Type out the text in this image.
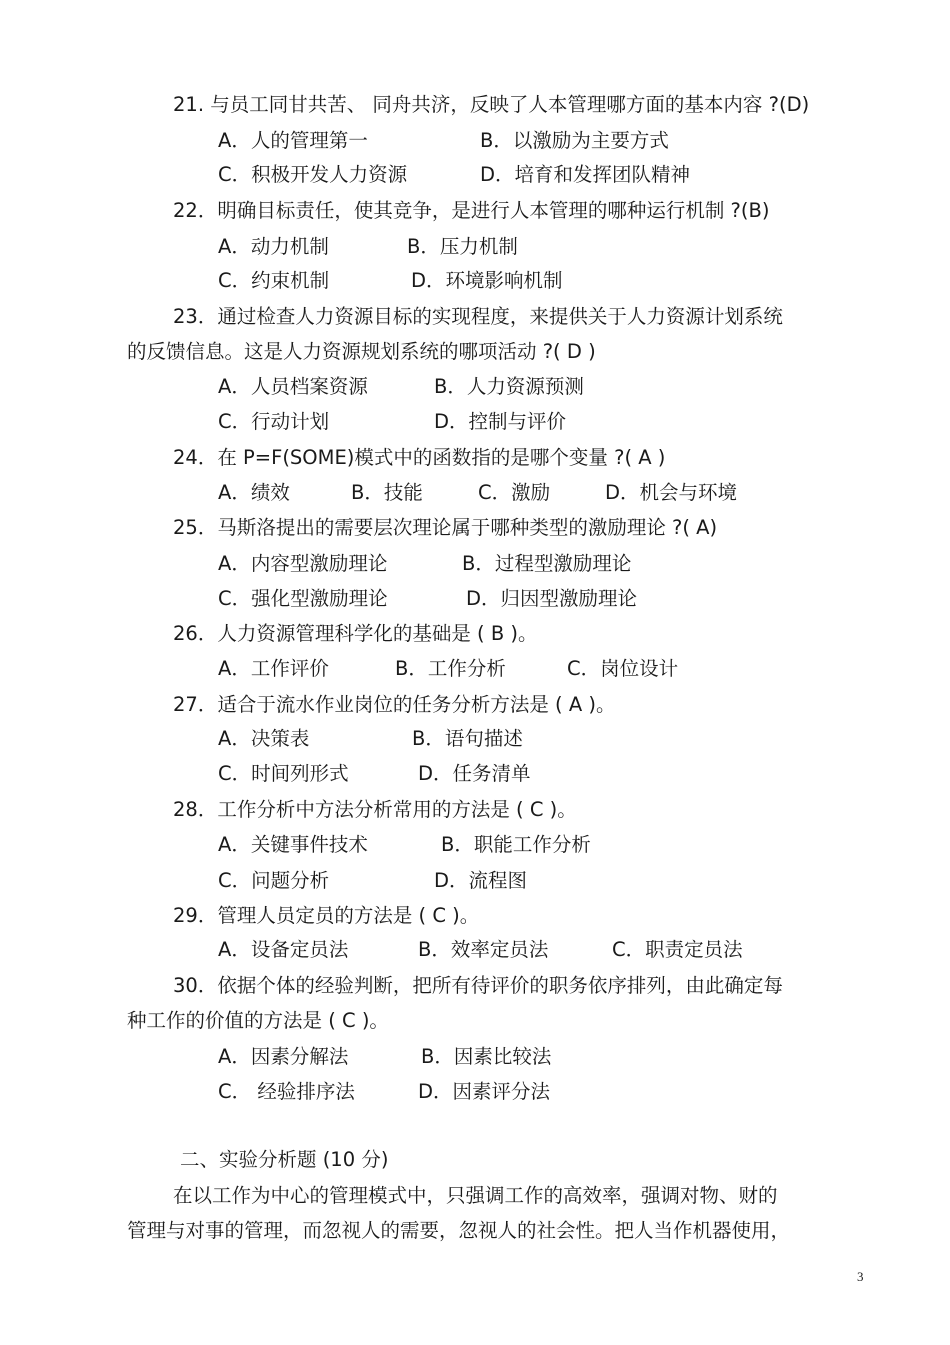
21. 与员工同甘共苦、 同舟共济，反映了人本管理哪方面的基本内容 ?(D)
A．人的管理第一	B．以激励为主要方式
C．积极开发人力资源	D．培育和发挥团队精神
22．明确目标责任，使其竞争，是进行人本管理的哪种运行机制 ?(B)
A．动力机制	B．压力机制
C．约束机制	D．环境影响机制
23．通过检查人力资源目标的实现程度，来提供关于人力资源计划系统
的反馈信息。这是人力资源规划系统的哪项活动 ?( D )
A．人员档案资源	B．人力资源预测
C．行动计划	D．控制与评价
24．在 P=F(SOME)模式中的函数指的是哪个变量 ?( A )
A．绩效	B．技能	C．激励	D．机会与环境
25．马斯洛提出的需要层次理论属于哪种类型的激励理论 ?( A)
A．内容型激励理论	B．过程型激励理论
C．强化型激励理论	D．归因型激励理论
26．人力资源管理科学化的基础是 ( B )。
A．工作评价	B．工作分析	C．岗位设计
27．适合于流水作业岗位的任务分析方法是 ( A )。
A．决策表	B．语句描述
C．时间列形式	D．任务清单
28．工作分析中方法分析常用的方法是 ( C )。
A．关键事件技术	B．职能工作分析
C．问题分析	D．流程图
29．管理人员定员的方法是 ( C )。
A．设备定员法	B．效率定员法	C．职责定员法
30．依据个体的经验判断，把所有待评价的职务依序排列，由此确定每
种工作的价值的方法是 ( C )。
A．因素分解法	B．因素比较法
C． 经验排序法	D．因素评分法
二、实验分析题 (10 分)
在以工作为中心的管理模式中，只强调工作的高效率，强调对物、财的
管理与对事的管理，而忽视人的需要，忽视人的社会性。把人当作机器使用，
3
